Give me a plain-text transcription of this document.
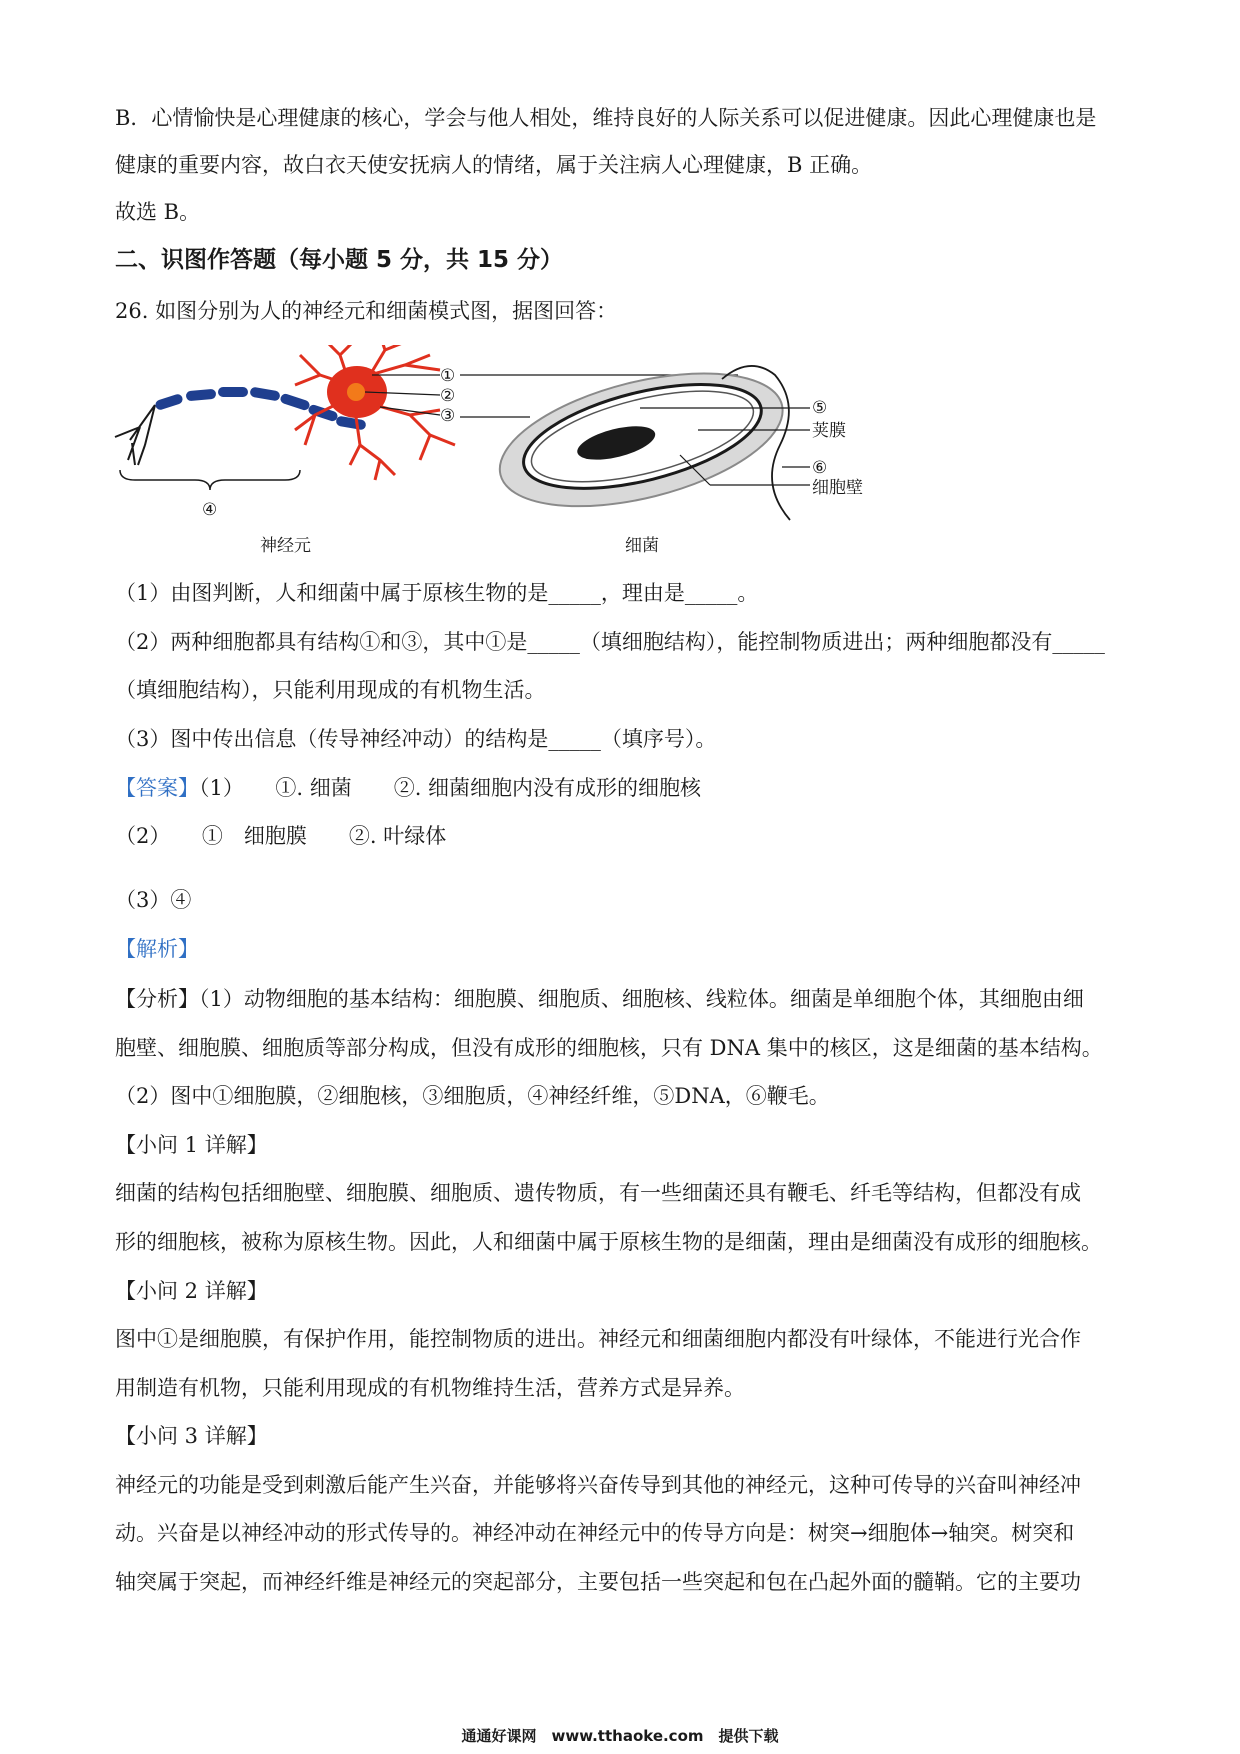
B．心情愉快是心理健康的核心，学会与他人相处，维持良好的人际关系可以促进健康。因此心理健康也是
健康的重要内容，故白衣天使安抚病人的情绪，属于关注病人心理健康，B 正确。
故选 B。
二、识图作答题（每小题 5 分，共 15 分）
26. 如图分别为人的神经元和细菌模式图，据图回答：
④
神经元
①
②
③	⑤
荚膜
⑥
细胞壁
细菌
（1）由图判断，人和细菌中属于原核生物的是_____，理由是_____。
（2）两种细胞都具有结构①和③，其中①是_____（填细胞结构），能控制物质进出；两种细胞都没有_____
（填细胞结构），只能利用现成的有机物生活。
（3）图中传出信息（传导神经冲动）的结构是_____（填序号）。
【答案】（1）　　①. 细菌　　②. 细菌细胞内没有成形的细胞核
（2）　　①　细胞膜　　②. 叶绿体
（3）④
【解析】
【分析】（1）动物细胞的基本结构：细胞膜、细胞质、细胞核、线粒体。细菌是单细胞个体，其细胞由细
胞壁、细胞膜、细胞质等部分构成，但没有成形的细胞核，只有 DNA 集中的核区，这是细菌的基本结构。
（2）图中①细胞膜，②细胞核，③细胞质，④神经纤维，⑤DNA，⑥鞭毛。
【小问 1 详解】
细菌的结构包括细胞壁、细胞膜、细胞质、遗传物质，有一些细菌还具有鞭毛、纤毛等结构，但都没有成
形的细胞核，被称为原核生物。因此，人和细菌中属于原核生物的是细菌，理由是细菌没有成形的细胞核。
【小问 2 详解】
图中①是细胞膜，有保护作用，能控制物质的进出。神经元和细菌细胞内都没有叶绿体，不能进行光合作
用制造有机物，只能利用现成的有机物维持生活，营养方式是异养。
【小问 3 详解】
神经元的功能是受到刺激后能产生兴奋，并能够将兴奋传导到其他的神经元，这种可传导的兴奋叫神经冲
动。兴奋是以神经冲动的形式传导的。神经冲动在神经元中的传导方向是：树突→细胞体→轴突。树突和
轴突属于突起，而神经纤维是神经元的突起部分，主要包括一些突起和包在凸起外面的髓鞘。它的主要功
通通好课网　www.tthaoke.com　提供下载
